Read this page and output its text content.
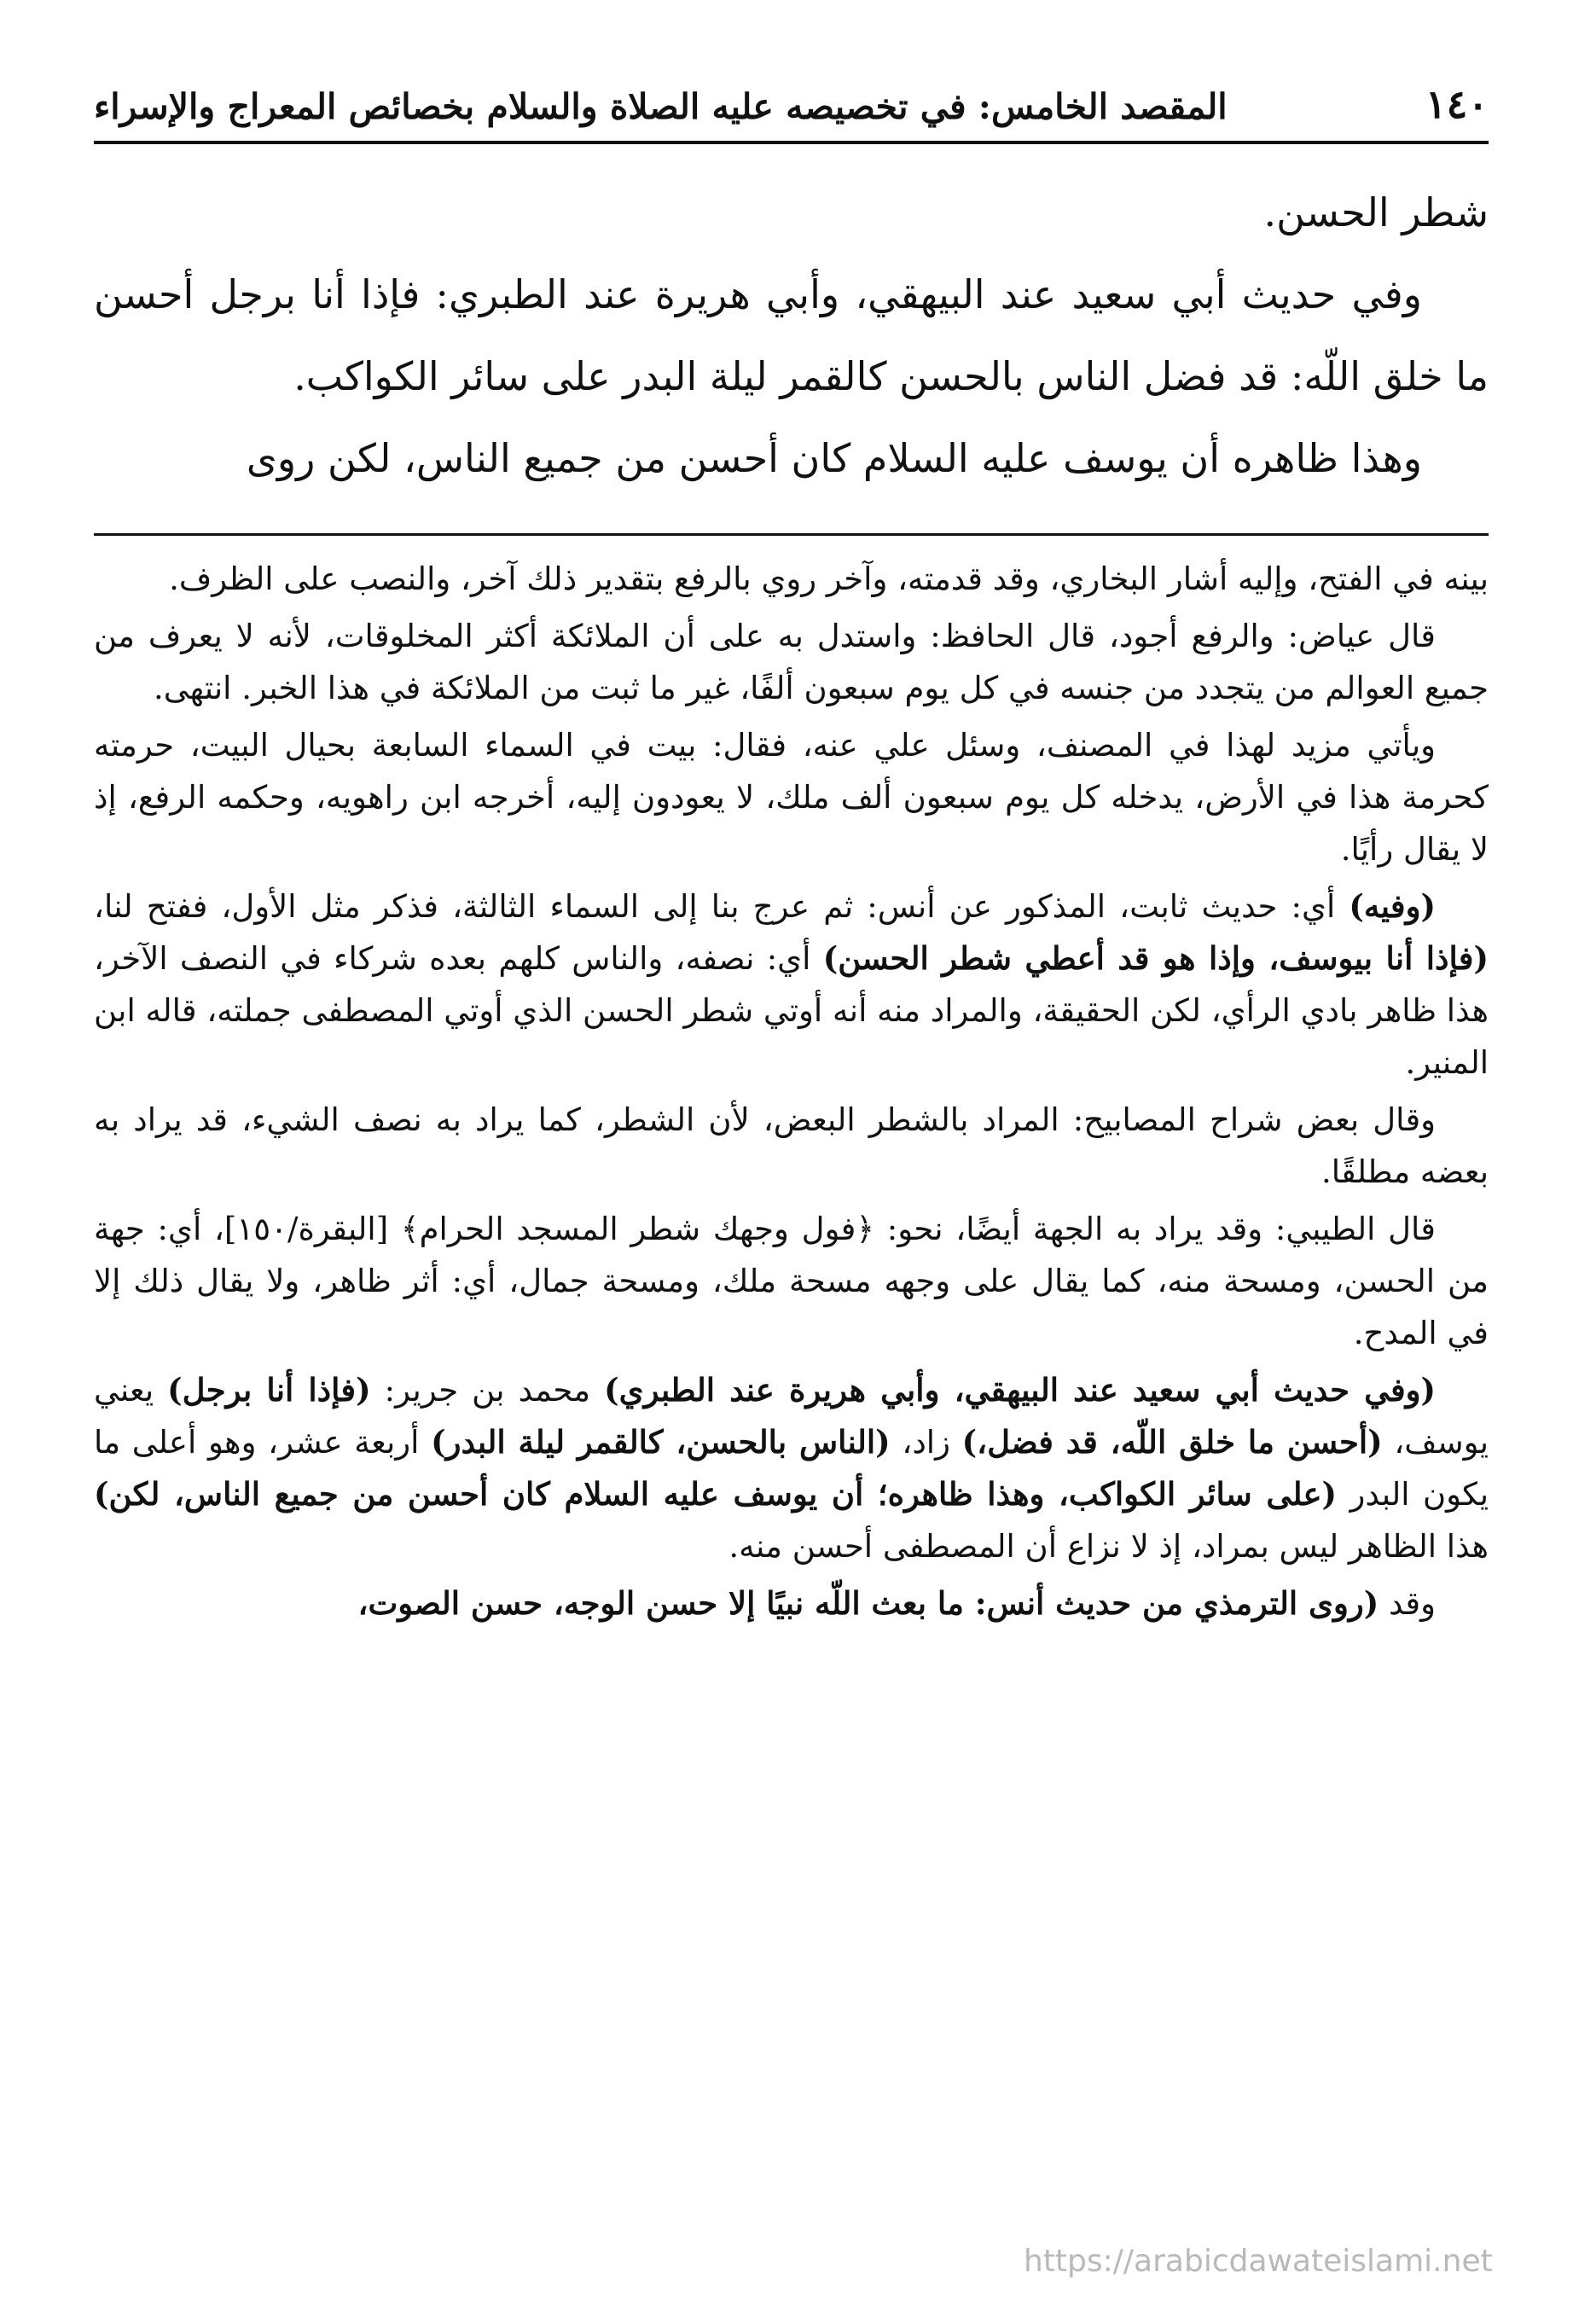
١٤٠
المقصد الخامس: في تخصيصه عليه الصلاة والسلام بخصائص المعراج والإسراء

شطر الحسن.

وفي حديث أبي سعيد عند البيهقي، وأبي هريرة عند الطبري: فإذا أنا برجل أحسن ما خلق اللّه: قد فضل الناس بالحسن كالقمر ليلة البدر على سائر الكواكب.

وهذا ظاهره أن يوسف عليه السلام كان أحسن من جميع الناس، لكن روى

بينه في الفتح، وإليه أشار البخاري، وقد قدمته، وآخر روي بالرفع بتقدير ذلك آخر، والنصب على الظرف.

قال عياض: والرفع أجود، قال الحافظ: واستدل به على أن الملائكة أكثر المخلوقات، لأنه لا يعرف من جميع العوالم من يتجدد من جنسه في كل يوم سبعون ألفًا، غير ما ثبت من الملائكة في هذا الخبر. انتهى.

ويأتي مزيد لهذا في المصنف، وسئل علي عنه، فقال: بيت في السماء السابعة بحيال البيت، حرمته كحرمة هذا في الأرض، يدخله كل يوم سبعون ألف ملك، لا يعودون إليه، أخرجه ابن راهويه، وحكمه الرفع، إذ لا يقال رأيًا.

(وفيه) أي: حديث ثابت، المذكور عن أنس: ثم عرج بنا إلى السماء الثالثة، فذكر مثل الأول، ففتح لنا، (فإذا أنا بيوسف، وإذا هو قد أعطي شطر الحسن) أي: نصفه، والناس كلهم بعده شركاء في النصف الآخر، هذا ظاهر بادي الرأي، لكن الحقيقة، والمراد منه أنه أوتي شطر الحسن الذي أوتي المصطفى جملته، قاله ابن المنير.

وقال بعض شراح المصابيح: المراد بالشطر البعض، لأن الشطر، كما يراد به نصف الشيء، قد يراد به بعضه مطلقًا.

قال الطيبي: وقد يراد به الجهة أيضًا، نحو: ﴿فول وجهك شطر المسجد الحرام﴾ [البقرة/١٥٠]، أي: جهة من الحسن، ومسحة منه، كما يقال على وجهه مسحة ملك، ومسحة جمال، أي: أثر ظاهر، ولا يقال ذلك إلا في المدح.

(وفي حديث أبي سعيد عند البيهقي، وأبي هريرة عند الطبري) محمد بن جرير: (فإذا أنا برجل) يعني يوسف، (أحسن ما خلق اللّه، قد فضل،) زاد، (الناس بالحسن، كالقمر ليلة البدر) أربعة عشر، وهو أعلى ما يكون البدر (على سائر الكواكب، وهذا ظاهره؛ أن يوسف عليه السلام كان أحسن من جميع الناس، لكن) هذا الظاهر ليس بمراد، إذ لا نزاع أن المصطفى أحسن منه.

وقد (روى الترمذي من حديث أنس: ما بعث اللّه نبيًا إلا حسن الوجه، حسن الصوت،

https://arabicdawateislami.net
